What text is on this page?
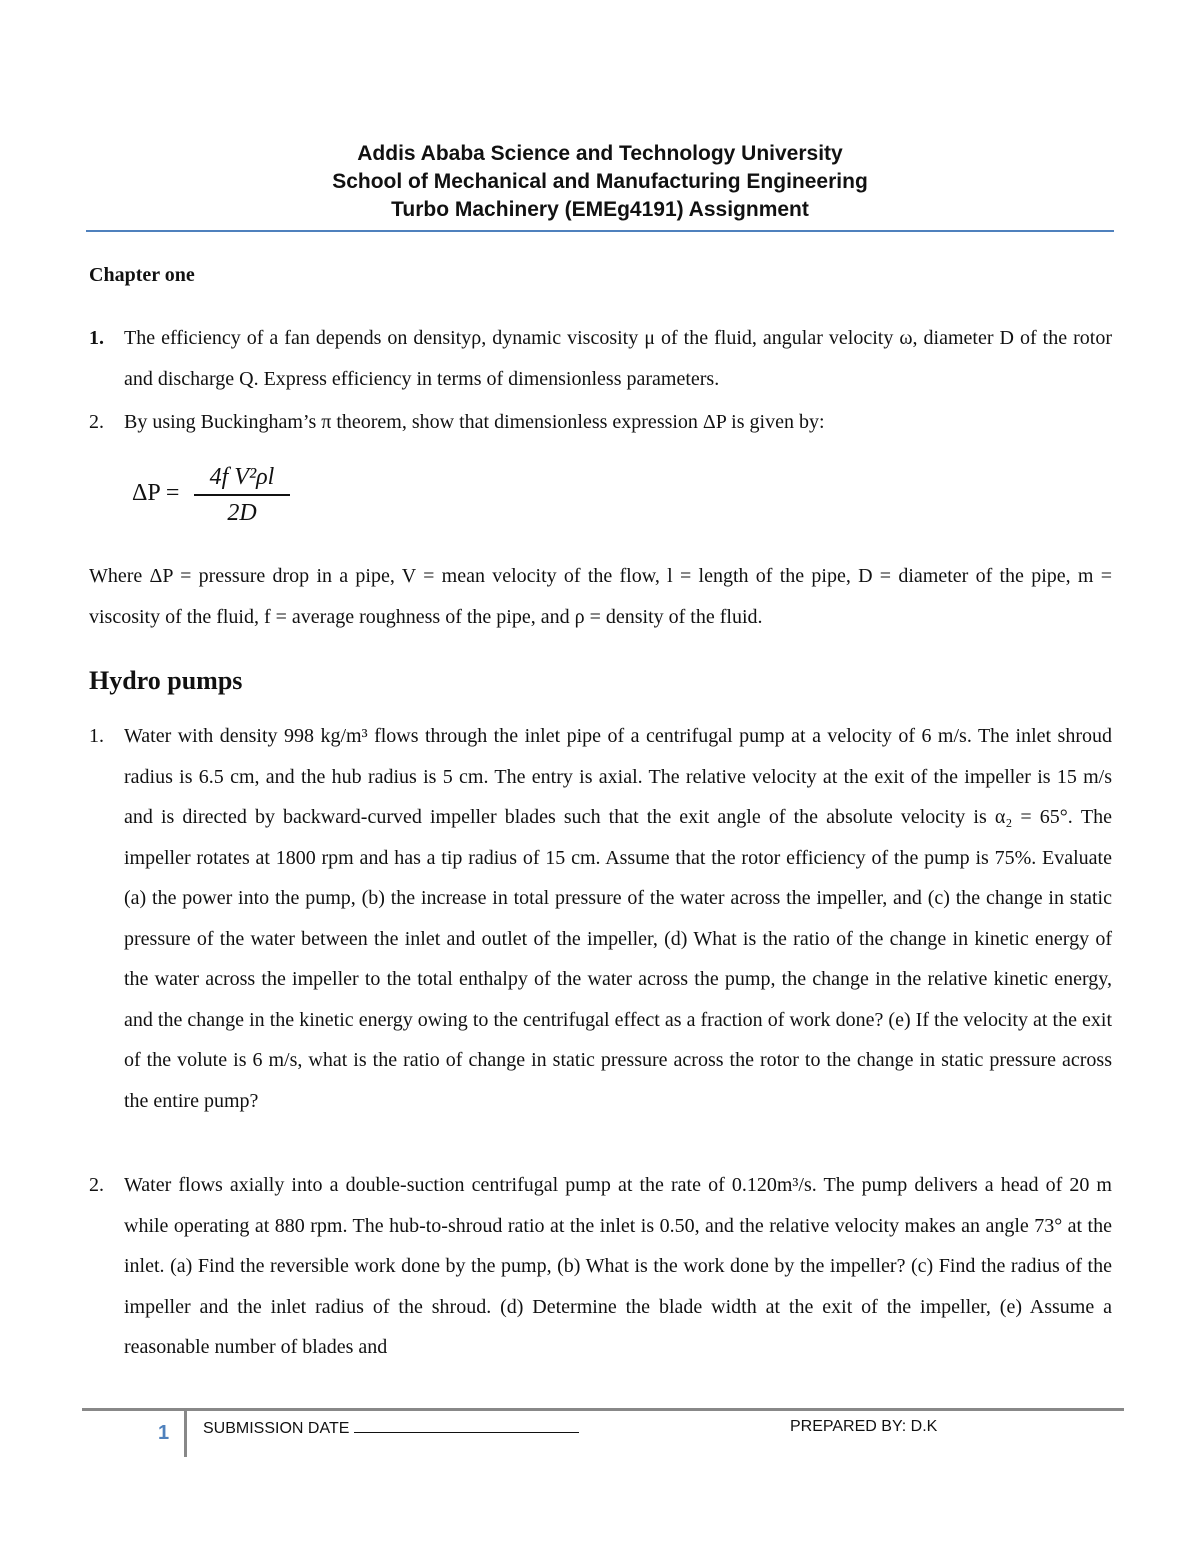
Addis Ababa Science and Technology University
School of Mechanical and Manufacturing Engineering
Turbo Machinery (EMEg4191) Assignment
Chapter one
1. The efficiency of a fan depends on densityρ, dynamic viscosity μ of the fluid, angular velocity ω, diameter D of the rotor and discharge Q. Express efficiency in terms of dimensionless parameters.
2. By using Buckingham’s π theorem, show that dimensionless expression ΔP is given by:
ΔP =
4f V²ρl
2D
Where ΔP = pressure drop in a pipe, V = mean velocity of the flow, l = length of the pipe, D = diameter of the pipe, m = viscosity of the fluid, f = average roughness of the pipe, and ρ = density of the fluid.
Hydro pumps
1. Water with density 998 kg/m³ flows through the inlet pipe of a centrifugal pump at a velocity of 6 m/s. The inlet shroud radius is 6.5 cm, and the hub radius is 5 cm. The entry is axial. The relative velocity at the exit of the impeller is 15 m/s and is directed by backward-curved impeller blades such that the exit angle of the absolute velocity is α₂ = 65°. The impeller rotates at 1800 rpm and has a tip radius of 15 cm. Assume that the rotor efficiency of the pump is 75%. Evaluate (a) the power into the pump, (b) the increase in total pressure of the water across the impeller, and (c) the change in static pressure of the water between the inlet and outlet of the impeller, (d) What is the ratio of the change in kinetic energy of the water across the impeller to the total enthalpy of the water across the pump, the change in the relative kinetic energy, and the change in the kinetic energy owing to the centrifugal effect as a fraction of work done? (e) If the velocity at the exit of the volute is 6 m/s, what is the ratio of change in static pressure across the rotor to the change in static pressure across the entire pump?
2. Water flows axially into a double-suction centrifugal pump at the rate of 0.120m³/s. The pump delivers a head of 20 m while operating at 880 rpm. The hub-to-shroud ratio at the inlet is 0.50, and the relative velocity makes an angle 73° at the inlet. (a) Find the reversible work done by the pump, (b) What is the work done by the impeller? (c) Find the radius of the impeller and the inlet radius of the shroud. (d) Determine the blade width at the exit of the impeller, (e) Assume a reasonable number of blades and
1 SUBMISSION DATE	PREPARED BY: D.K
